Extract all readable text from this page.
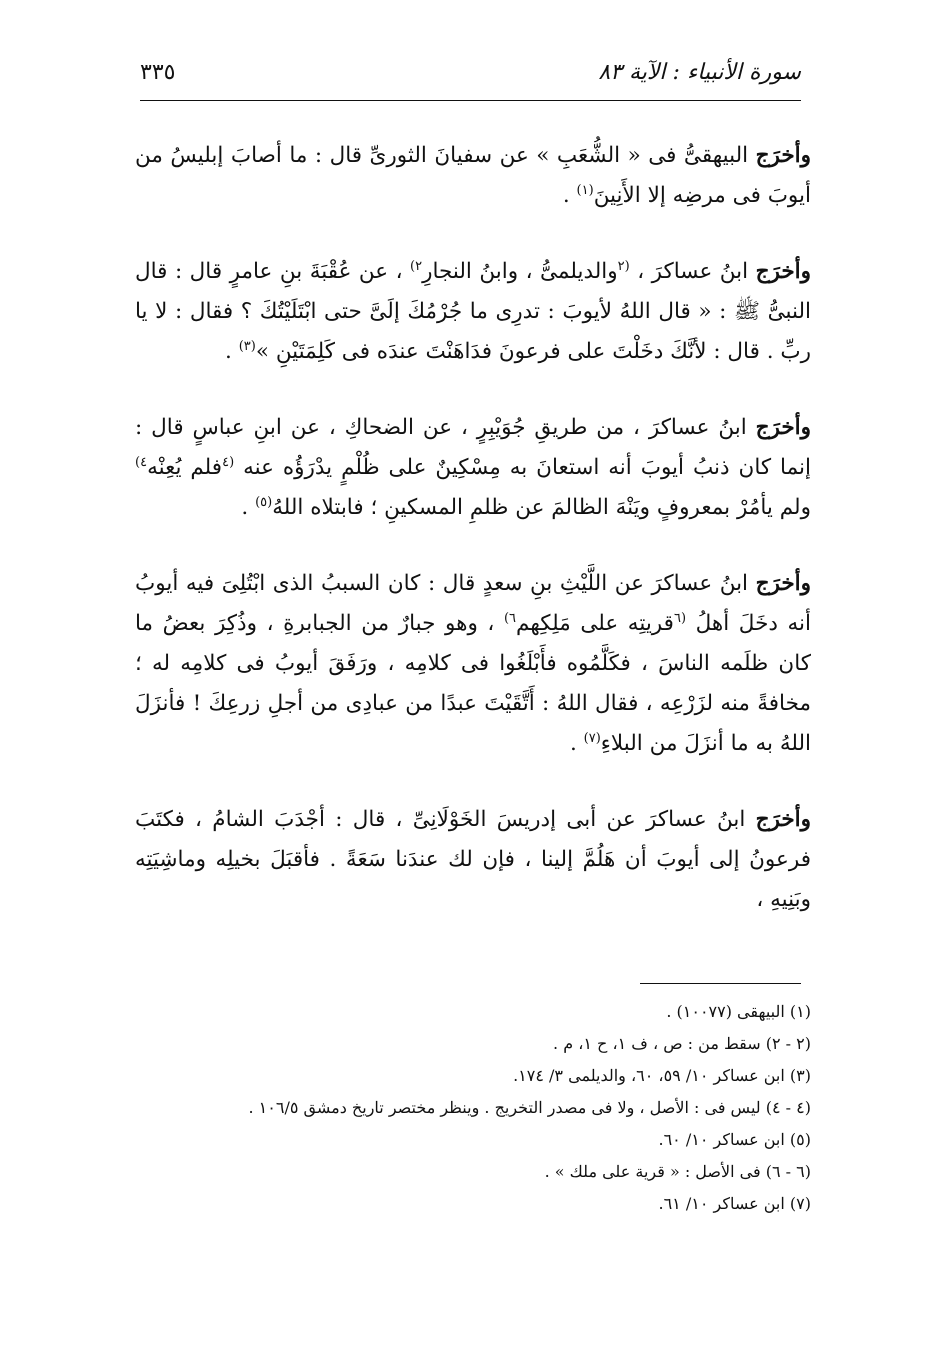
سورة الأنبياء : الآية ٨٣
٣٣٥

وأخرَج البيهقىُّ فى « الشُّعَبِ » عن سفيانَ الثورىِّ قال : ما أصابَ إبليسُ من أيوبَ فى مرضِه إلا الأَنِينَ$^{(١)}$ .

وأخرَج ابنُ عساكرَ ، $^{(٢}$والديلمىُّ ، وابنُ النجارِ$^{٢)}$ ، عن عُقْبَةَ بنِ عامرٍ قال : قال النبىُّ ﷺ : « قال اللهُ لأيوبَ : تدرِى ما جُرْمُكَ إلَىَّ حتى ابْتَلَيْتُكَ ؟ فقال : لا يا ربِّ . قال : لأنَّكَ دخَلْتَ على فرعونَ فدَاهَنْتَ عندَه فى كَلِمَتَيْنِ »$^{(٣)}$ .

وأخرَج ابنُ عساكرَ ، من طريقِ جُوَيْبِرٍ ، عن الضحاكِ ، عن ابنِ عباسٍ قال : إنما كان ذنبُ أيوبَ أنه استعانَ به مِسْكِينٌ على ظُلْمٍ يدْرَؤُه عنه $^{(٤}$فلم يُعِنْه$^{٤)}$ ولم يأمُرْ بمعروفٍ ويَنْهَ الظالمَ عن ظلمِ المسكينِ ؛ فابتلاه اللهُ$^{(٥)}$ .

وأخرَج ابنُ عساكرَ عن اللَّيْثِ بنِ سعدٍ قال : كان السببُ الذى ابْتُلِىَ فيه أيوبُ أنه دخَلَ أهلُ $^{(٦}$قريتِه على مَلِكِهم$^{٦)}$ ، وهو جبارٌ من الجبابرةِ ، وذُكِرَ بعضُ ما كان ظلَمه الناسَ ، فكَلَّمُوه فأَبْلَغُوا فى كلامِه ، ورَفَقَ أيوبُ فى كلامِه له ؛ مخافةً منه لزَرْعِه ، فقال اللهُ : أَتَّقَيْتَ عبدًا من عبادِى من أجلِ زرعِكَ ! فأنزَلَ اللهُ به ما أنزَلَ من البلاءِ$^{(٧)}$ .

وأخرَج ابنُ عساكرَ عن أبى إدريسَ الخَوْلَانِىِّ ، قال : أجْدَبَ الشامُ ، فكتَبَ فرعونُ إلى أيوبَ أن هَلُمَّ إلينا ، فإن لك عندَنا سَعَةً . فأقبَلَ بخيلِه وماشِيَتِه وبَنِيهِ ،

(١) البيهقى (١٠٠٧٧) .

(٢ - ٢) سقط من : ص ، ف ١، ح ١، م .

(٣) ابن عساكر ١٠/ ٥٩، ٦٠، والديلمى ٣/ ١٧٤.

(٤ - ٤) ليس فى : الأصل ، ولا فى مصدر التخريج . وينظر مختصر تاريخ دمشق ١٠٦/٥ .

(٥) ابن عساكر ١٠/ ٦٠.

(٦ - ٦) فى الأصل : « قرية على ملك » .

(٧) ابن عساكر ١٠/ ٦١.
